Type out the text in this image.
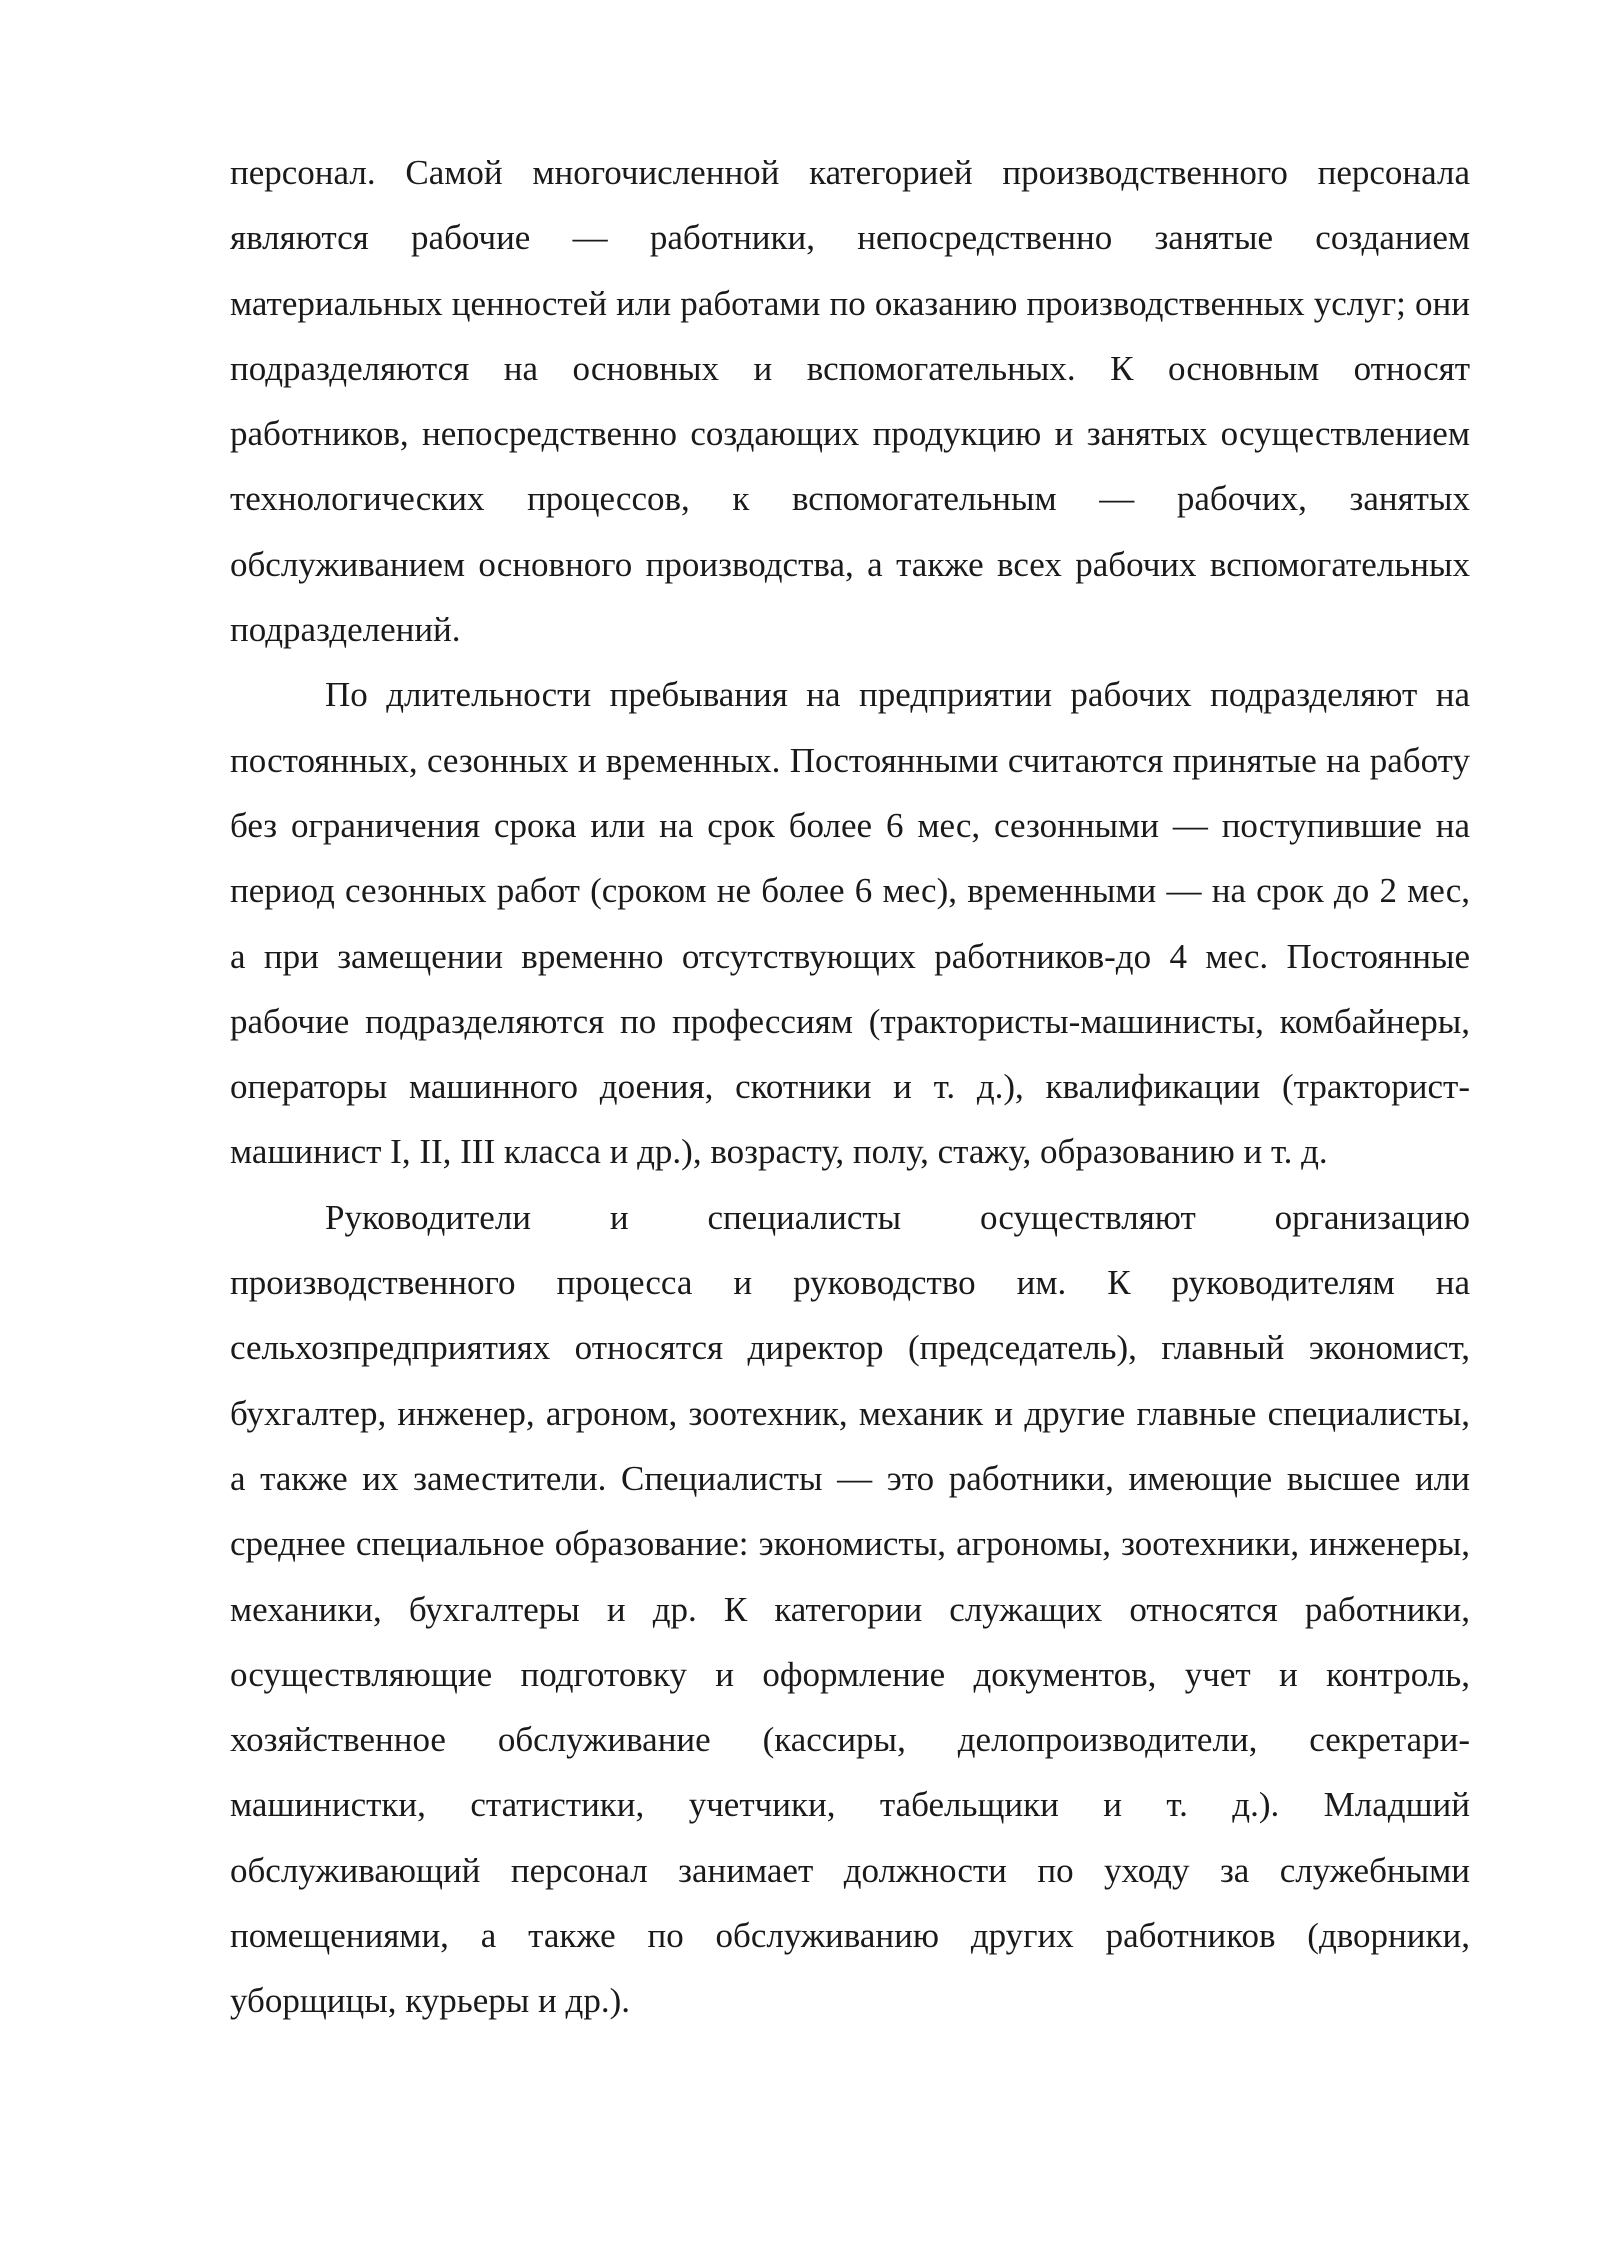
персонал. Самой многочисленной категорией производственного персонала являются рабочие — работники, непосредственно занятые созданием материальных ценностей или работами по оказанию производственных услуг; они подразделяются на основных и вспомогательных. К основным относят работников, непосредственно создающих продукцию и занятых осуществлением технологических процессов, к вспомогательным — рабочих, занятых обслуживанием основного производства, а также всех рабочих вспомогательных подразделений.

По длительности пребывания на предприятии рабочих подразделяют на постоянных, сезонных и временных. Постоянными считаются принятые на работу без ограничения срока или на срок более 6 мес, сезонными — поступившие на период сезонных работ (сроком не более 6 мес), временными — на срок до 2 мес, а при замещении временно отсутствующих работников-до 4 мес. Постоянные рабочие подразделяются по профессиям (трактористы-машинисты, комбайнеры, операторы машинного доения, скотники и т. д.), квалификации (тракторист-машинист I, II, III класса и др.), возрасту, полу, стажу, образованию и т. д.

Руководители и специалисты осуществляют организацию производственного процесса и руководство им. К руководителям на сельхозпредприятиях относятся директор (председатель), главный экономист, бухгалтер, инженер, агроном, зоотехник, механик и другие главные специалисты, а также их заместители. Специалисты — это работники, имеющие высшее или среднее специальное образование: экономисты, агрономы, зоотехники, инженеры, механики, бухгалтеры и др. К категории служащих относятся работники, осуществляющие подготовку и оформление документов, учет и контроль, хозяйственное обслуживание (кассиры, делопроизводители, секретари-машинистки, статистики, учетчики, табельщики и т. д.). Младший обслуживающий персонал занимает должности по уходу за служебными помещениями, а также по обслуживанию других работников (дворники, уборщицы, курьеры и др.).
